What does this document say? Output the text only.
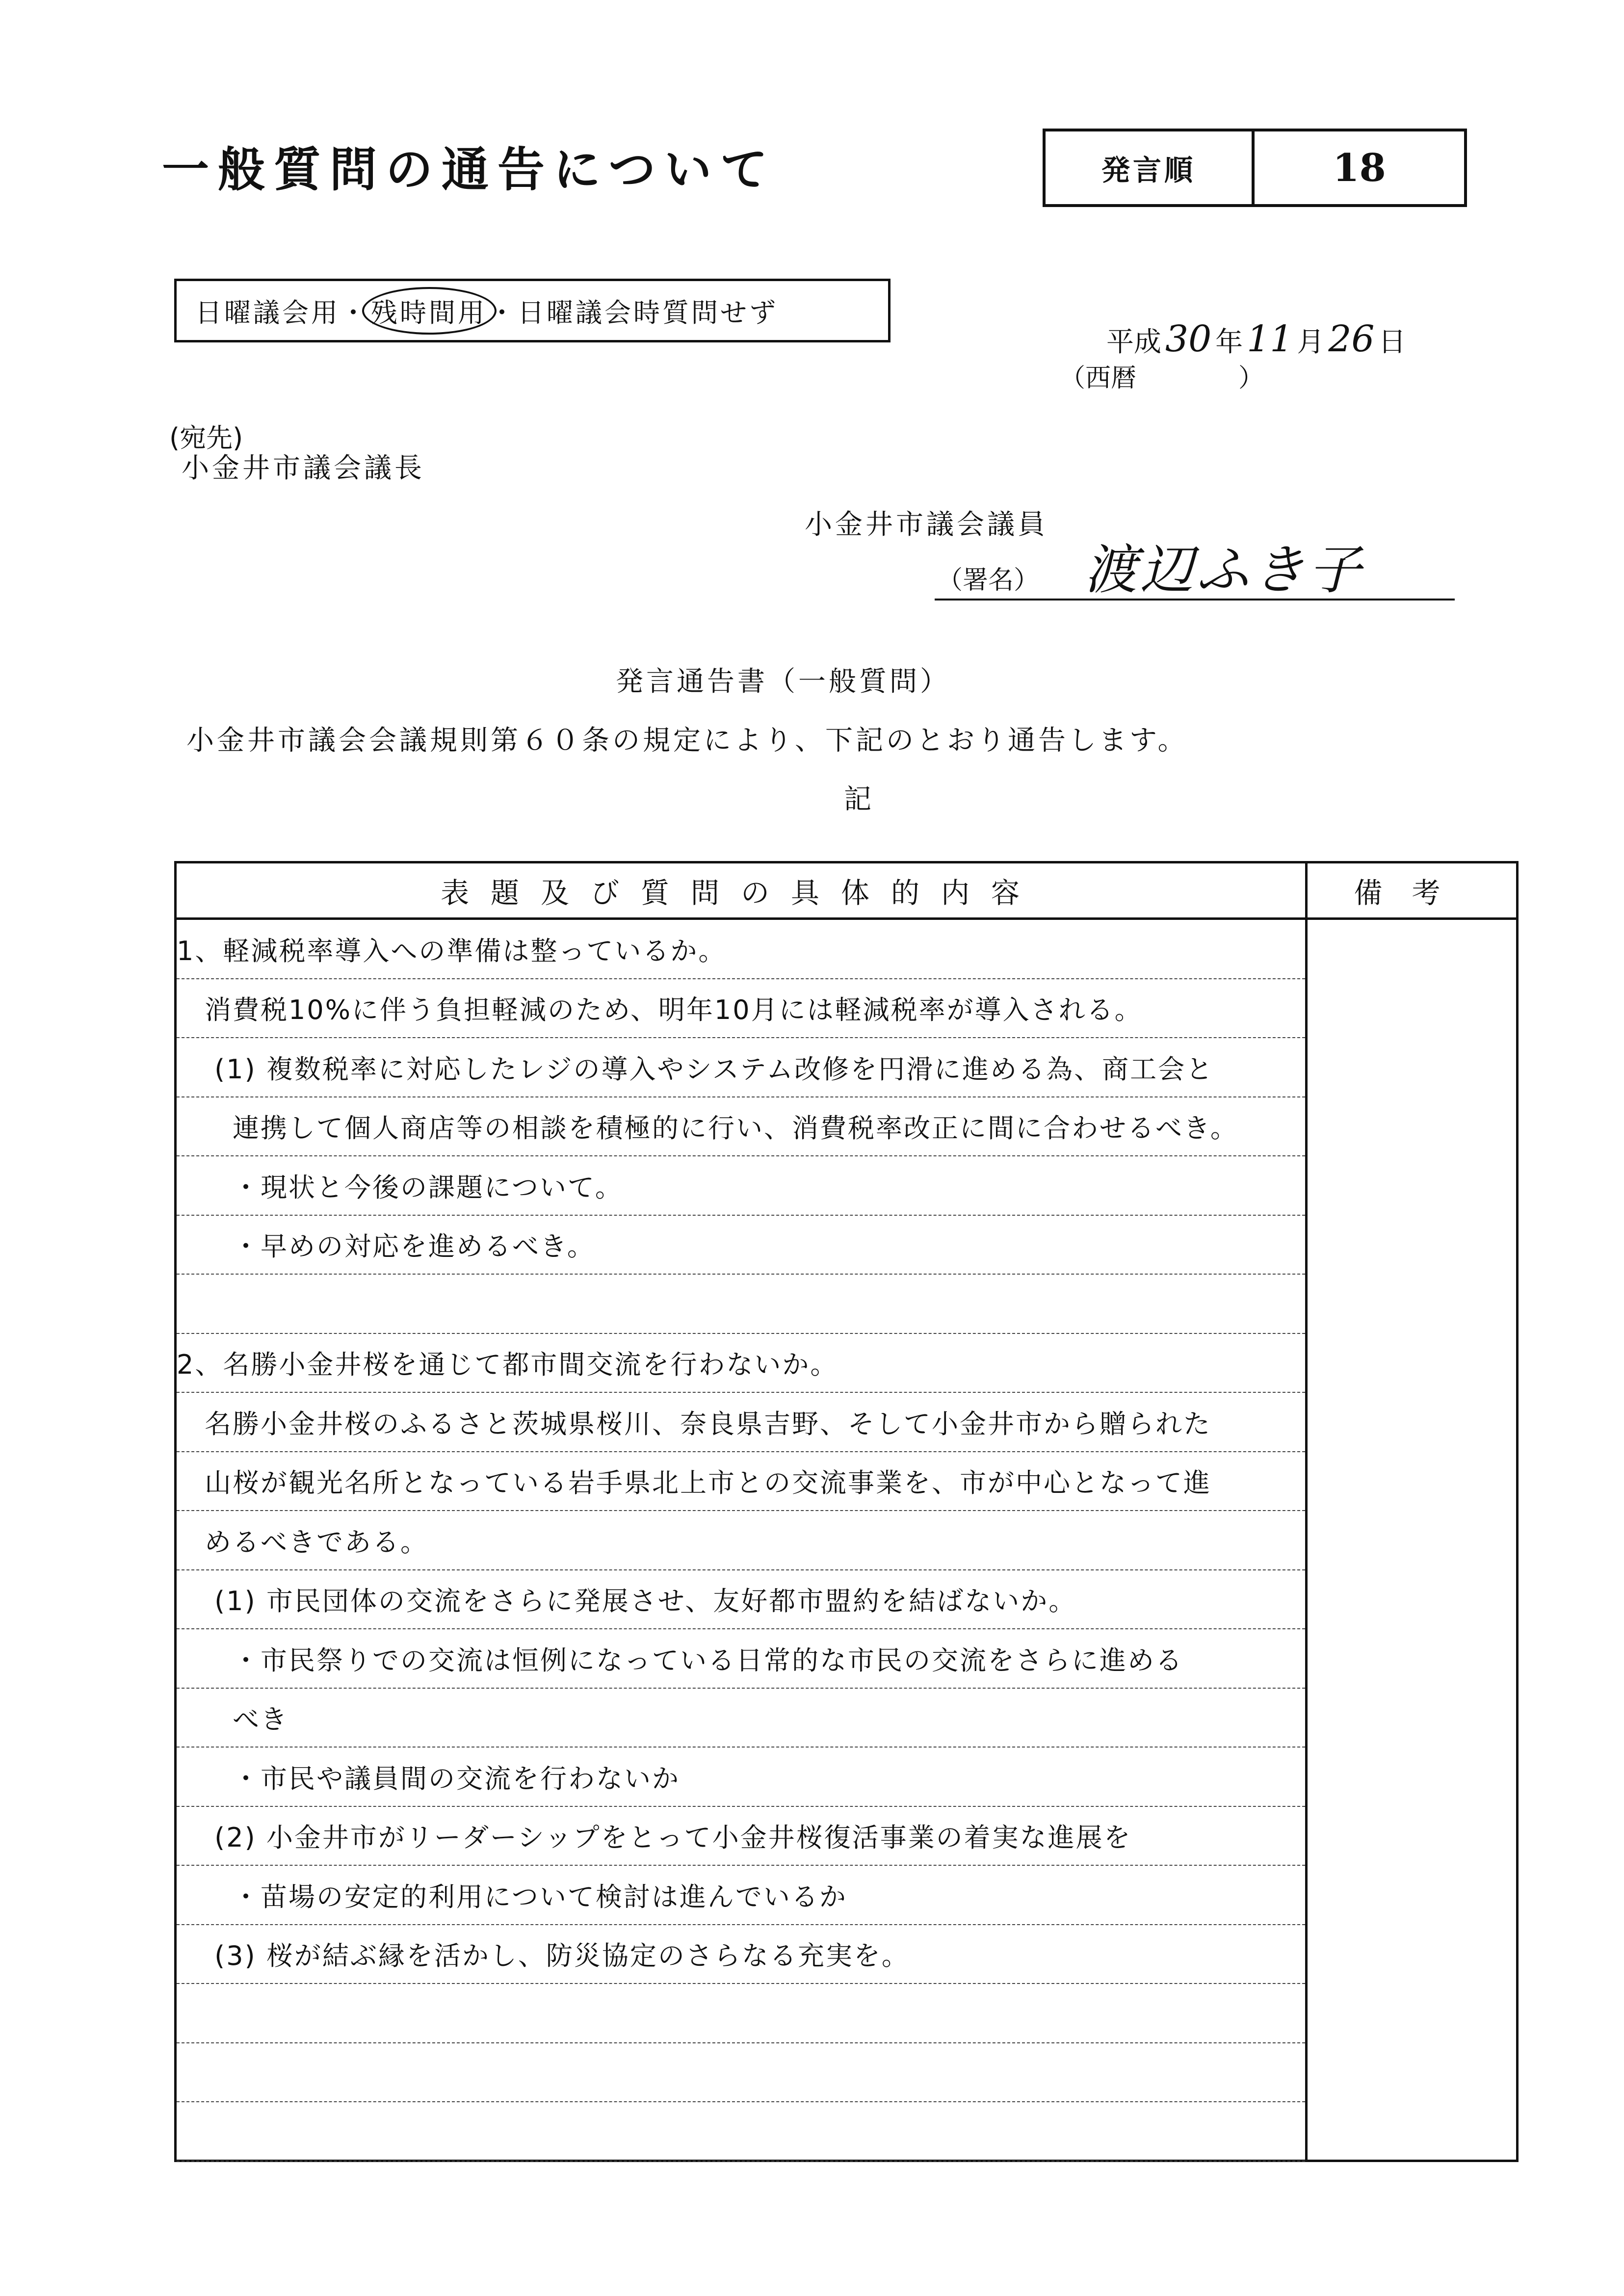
一般質問の通告について	発言順	18
日曜議会用 ・ 残時間用 ・ 日曜議会時質問せず
平成 30 年 11 月 26 日
（西暦　　　　）
(宛先)
小金井市議会議長
小金井市議会議員
（署名） 渡辺ふき子
発言通告書（一般質問）
小金井市議会会議規則第６０条の規定により、下記のとおり通告します。
記
表題及び質問の具体的内容	備考
1、軽減税率導入への準備は整っているか。
　消費税10%に伴う負担軽減のため、明年10月には軽減税率が導入される。
　 (1) 複数税率に対応したレジの導入やシステム改修を円滑に進める為、商工会と
　　連携して個人商店等の相談を積極的に行い、消費税率改正に間に合わせるべき。
　　・現状と今後の課題について。
　　・早めの対応を進めるべき。
2、名勝小金井桜を通じて都市間交流を行わないか。
　名勝小金井桜のふるさと茨城県桜川、奈良県吉野、そして小金井市から贈られた
　山桜が観光名所となっている岩手県北上市との交流事業を、市が中心となって進
　めるべきである。
　 (1) 市民団体の交流をさらに発展させ、友好都市盟約を結ばないか。
　　・市民祭りでの交流は恒例になっている日常的な市民の交流をさらに進める
　　べき
　　・市民や議員間の交流を行わないか
　 (2) 小金井市がリーダーシップをとって小金井桜復活事業の着実な進展を
　　・苗場の安定的利用について検討は進んでいるか
　 (3) 桜が結ぶ縁を活かし、防災協定のさらなる充実を。
